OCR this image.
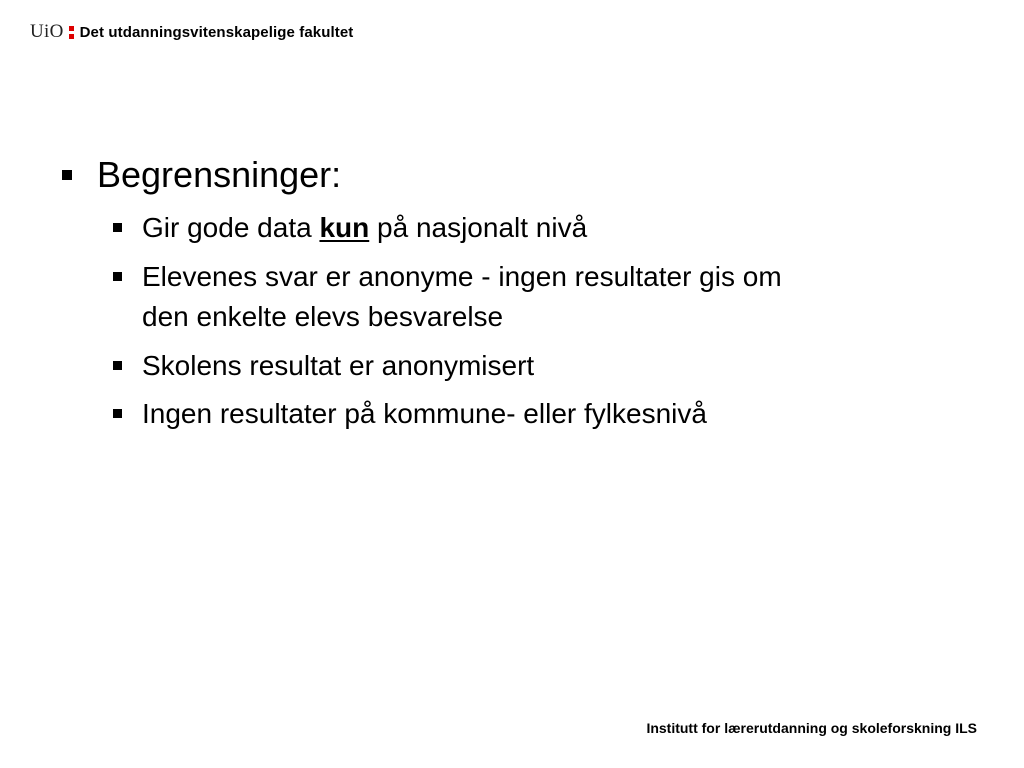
UiO Det utdanningsvitenskapelige fakultet
Begrensninger:
Gir gode data kun på nasjonalt nivå
Elevenes svar er anonyme - ingen resultater gis om
den enkelte elevs besvarelse
Skolens resultat er anonymisert
Ingen resultater på kommune- eller fylkesnivå
Institutt for lærerutdanning og skoleforskning ILS
